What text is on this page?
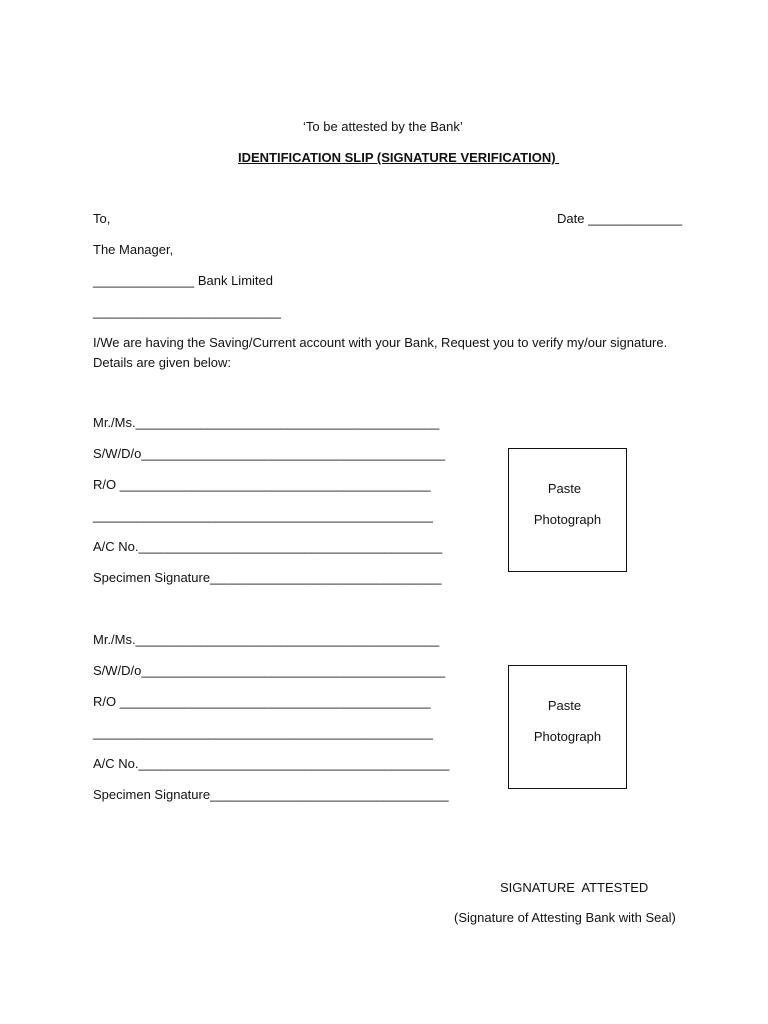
‘To be attested by the Bank’
IDENTIFICATION SLIP (SIGNATURE VERIFICATION)
To,	Date _____________
The Manager,
______________ Bank Limited
__________________________
I/We are having the Saving/Current account with your Bank, Request you to verify my/our signature. Details are given below:
Mr./Ms.__________________________________________
S/W/D/o__________________________________________
R/O ___________________________________________
_______________________________________________
A/C No.__________________________________________
Specimen Signature________________________________
Paste
Photograph
Mr./Ms.__________________________________________
S/W/D/o__________________________________________
R/O ___________________________________________
_______________________________________________
A/C No.___________________________________________
Specimen Signature_________________________________
Paste
Photograph
SIGNATURE  ATTESTED
(Signature of Attesting Bank with Seal)
